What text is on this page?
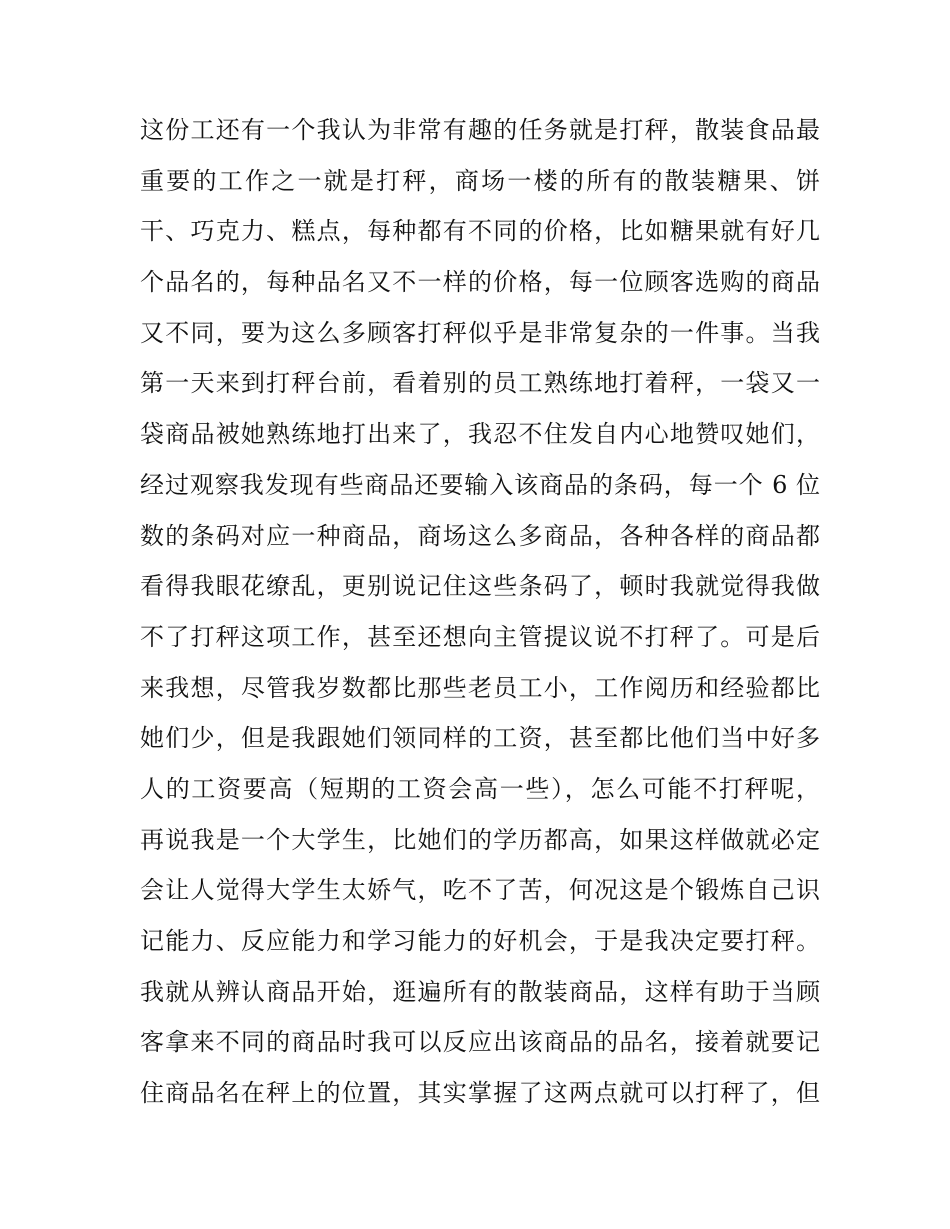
这份工还有一个我认为非常有趣的任务就是打秤，散装食品最
重要的工作之一就是打秤，商场一楼的所有的散装糖果、饼
干、巧克力、糕点，每种都有不同的价格，比如糖果就有好几
个品名的，每种品名又不一样的价格，每一位顾客选购的商品
又不同，要为这么多顾客打秤似乎是非常复杂的一件事。当我
第一天来到打秤台前，看着别的员工熟练地打着秤，一袋又一
袋商品被她熟练地打出来了，我忍不住发自内心地赞叹她们，
经过观察我发现有些商品还要输入该商品的条码，每一个 6 位
数的条码对应一种商品，商场这么多商品，各种各样的商品都
看得我眼花缭乱，更别说记住这些条码了，顿时我就觉得我做
不了打秤这项工作，甚至还想向主管提议说不打秤了。可是后
来我想，尽管我岁数都比那些老员工小，工作阅历和经验都比
她们少，但是我跟她们领同样的工资，甚至都比他们当中好多
人的工资要高（短期的工资会高一些），怎么可能不打秤呢，
再说我是一个大学生，比她们的学历都高，如果这样做就必定
会让人觉得大学生太娇气，吃不了苦，何况这是个锻炼自己识
记能力、反应能力和学习能力的好机会，于是我决定要打秤。
我就从辨认商品开始，逛遍所有的散装商品，这样有助于当顾
客拿来不同的商品时我可以反应出该商品的品名，接着就要记
住商品名在秤上的位置，其实掌握了这两点就可以打秤了，但
